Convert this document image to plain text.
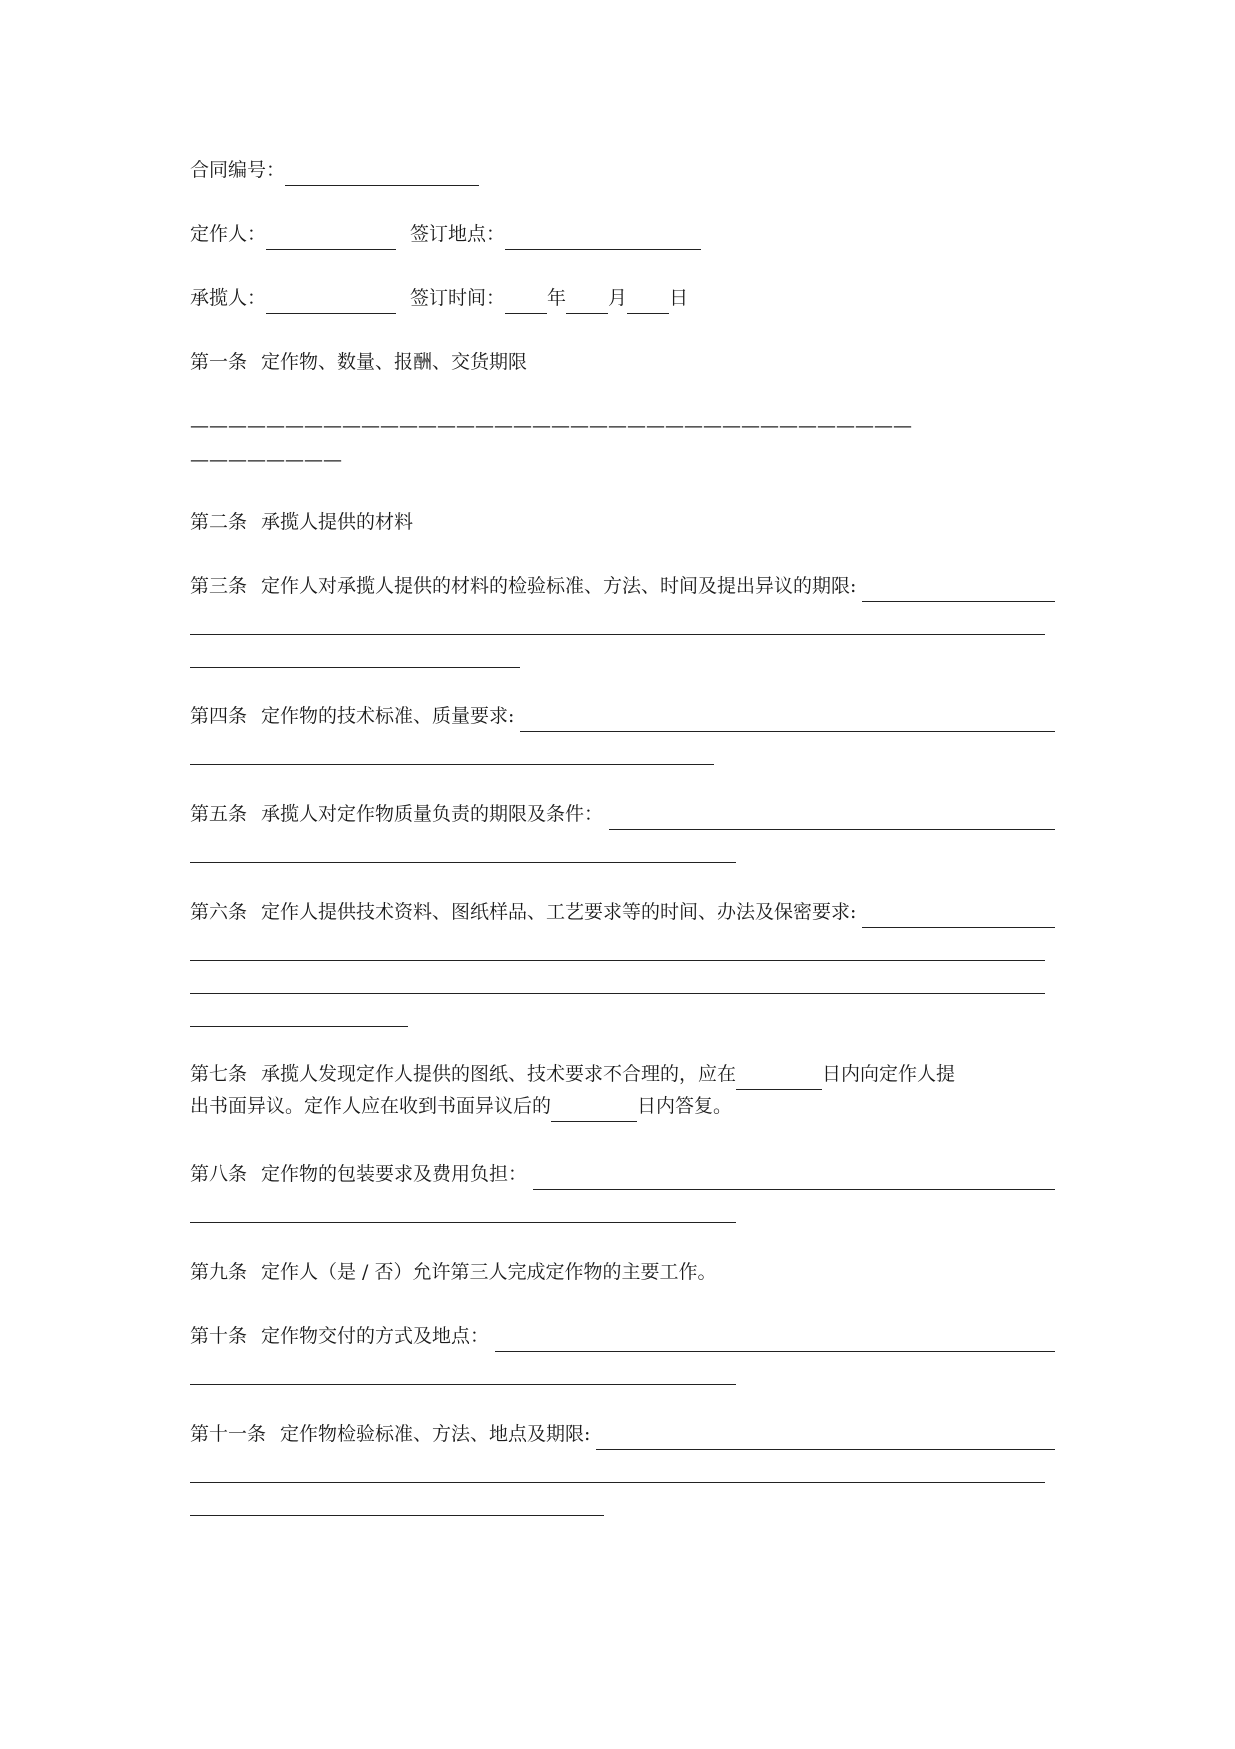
合同编号：
定作人：	签订地点：
承揽人：	签订时间： 年 月 日
第一条 定作物、数量、报酬、交货期限
——————————————————————————————————————
————————
第二条 承揽人提供的材料
第三条 定作人对承揽人提供的材料的检验标准、方法、时间及提出异议的期限:
第四条 定作物的技术标准、质量要求:
第五条 承揽人对定作物质量负责的期限及条件：
第六条 定作人提供技术资料、图纸样品、工艺要求等的时间、办法及保密要求:
第七条 承揽人发现定作人提供的图纸、技术要求不合理的，应在	日内向定作人提
出书面异议。定作人应在收到书面异议后的	日内答复。
第八条 定作物的包装要求及费用负担：
第九条 定作人（是 / 否）允许第三人完成定作物的主要工作。
第十条 定作物交付的方式及地点：
第十一条 定作物检验标准、方法、地点及期限:
